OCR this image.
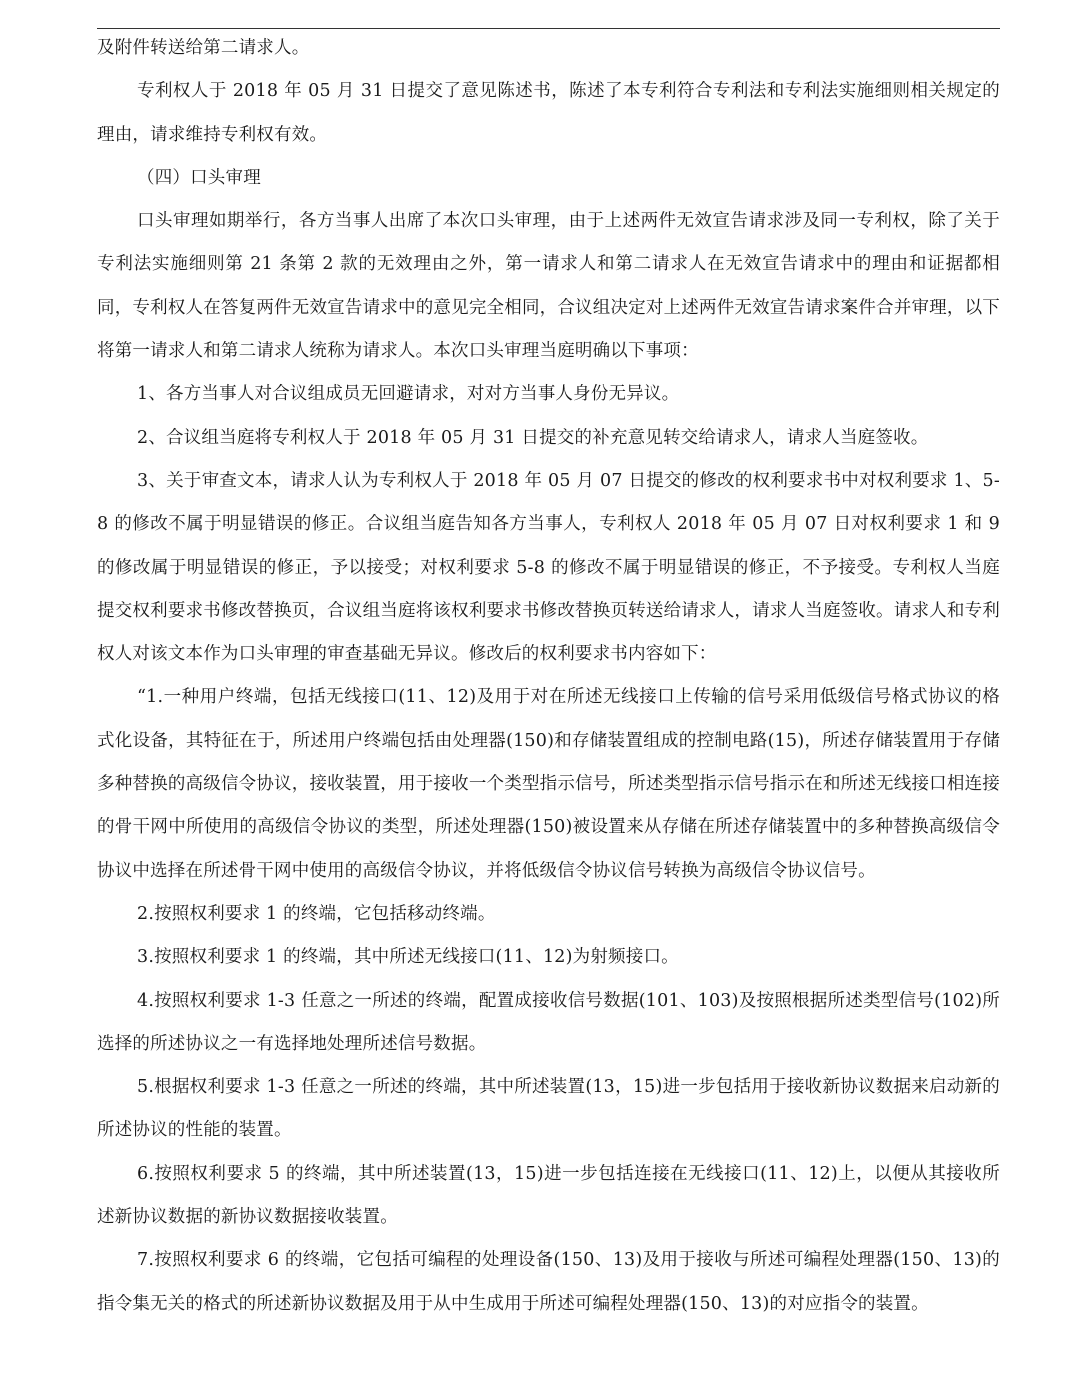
及附件转送给第二请求人。

专利权人于 2018 年 05 月 31 日提交了意见陈述书，陈述了本专利符合专利法和专利法实施细则相关规定的理由，请求维持专利权有效。

（四）口头审理

口头审理如期举行，各方当事人出席了本次口头审理，由于上述两件无效宣告请求涉及同一专利权，除了关于专利法实施细则第 21 条第 2 款的无效理由之外，第一请求人和第二请求人在无效宣告请求中的理由和证据都相同，专利权人在答复两件无效宣告请求中的意见完全相同，合议组决定对上述两件无效宣告请求案件合并审理，以下将第一请求人和第二请求人统称为请求人。本次口头审理当庭明确以下事项：

1、各方当事人对合议组成员无回避请求，对对方当事人身份无异议。

2、合议组当庭将专利权人于 2018 年 05 月 31 日提交的补充意见转交给请求人，请求人当庭签收。

3、关于审查文本，请求人认为专利权人于 2018 年 05 月 07 日提交的修改的权利要求书中对权利要求 1、5-8 的修改不属于明显错误的修正。合议组当庭告知各方当事人，专利权人 2018 年 05 月 07 日对权利要求 1 和 9 的修改属于明显错误的修正，予以接受；对权利要求 5-8 的修改不属于明显错误的修正，不予接受。专利权人当庭提交权利要求书修改替换页，合议组当庭将该权利要求书修改替换页转送给请求人，请求人当庭签收。请求人和专利权人对该文本作为口头审理的审查基础无异议。修改后的权利要求书内容如下：

“1.一种用户终端，包括无线接口(11、12)及用于对在所述无线接口上传输的信号采用低级信号格式协议的格式化设备，其特征在于，所述用户终端包括由处理器(150)和存储装置组成的控制电路(15)，所述存储装置用于存储多种替换的高级信令协议，接收装置，用于接收一个类型指示信号，所述类型指示信号指示在和所述无线接口相连接的骨干网中所使用的高级信令协议的类型，所述处理器(150)被设置来从存储在所述存储装置中的多种替换高级信令协议中选择在所述骨干网中使用的高级信令协议，并将低级信令协议信号转换为高级信令协议信号。

2.按照权利要求 1 的终端，它包括移动终端。

3.按照权利要求 1 的终端，其中所述无线接口(11、12)为射频接口。

4.按照权利要求 1-3 任意之一所述的终端，配置成接收信号数据(101、103)及按照根据所述类型信号(102)所选择的所述协议之一有选择地处理所述信号数据。

5.根据权利要求 1-3 任意之一所述的终端，其中所述装置(13，15)进一步包括用于接收新协议数据来启动新的所述协议的性能的装置。

6.按照权利要求 5 的终端，其中所述装置(13，15)进一步包括连接在无线接口(11、12)上，以便从其接收所述新协议数据的新协议数据接收装置。

7.按照权利要求 6 的终端，它包括可编程的处理设备(150、13)及用于接收与所述可编程处理器(150、13)的指令集无关的格式的所述新协议数据及用于从中生成用于所述可编程处理器(150、13)的对应指令的装置。
